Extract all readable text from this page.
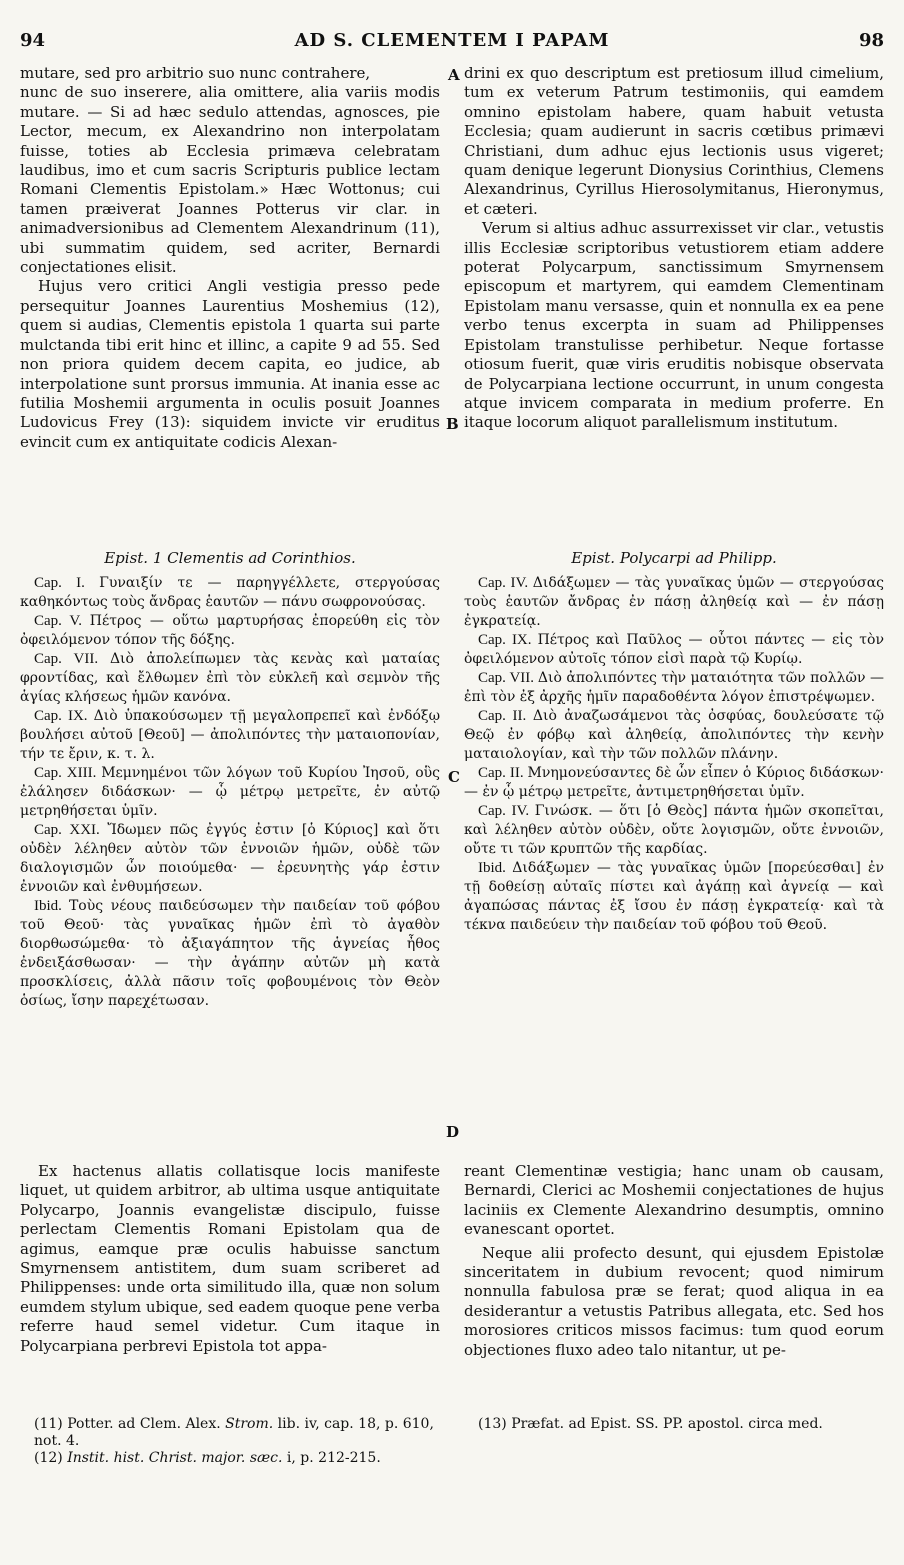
94	AD S. CLEMENTEM I PAPAM	98
A
B
C
D

mutare, sed pro arbitrio suo nunc contrahere,

nunc de suo inserere, alia omittere, alia variis modis mutare. — Si ad hæc sedulo attendas, agnosces, pie Lector, mecum, ex Alexandrino non interpolatam fuisse, toties ab Ecclesia primæva celebratam laudibus, imo et cum sacris Scripturis publice lectam Romani Clementis Epistolam.» Hæc Wottonus; cui tamen præiverat Joannes Potterus vir clar. in animadversionibus ad Clementem Alexandrinum (11), ubi summatim quidem, sed acriter, Bernardi conjectationes elisit.

Hujus vero critici Angli vestigia presso pede persequitur Joannes Laurentius Moshemius (12), quem si audias, Clementis epistola 1 quarta sui parte mulctanda tibi erit hinc et illinc, a capite 9 ad 55. Sed non priora quidem decem capita, eo judice, ab interpolatione sunt prorsus immunia. At inania esse ac futilia Moshemii argumenta in oculis posuit Joannes Ludovicus Frey (13): siquidem invicte vir eruditus evincit cum ex antiquitate codicis Alexan-

drini ex quo descriptum est pretiosum illud cimelium, tum ex veterum Patrum testimoniis, qui eamdem omnino epistolam habere, quam habuit vetusta Ecclesia; quam audierunt in sacris cœtibus primævi Christiani, dum adhuc ejus lectionis usus vigeret; quam denique legerunt Dionysius Corinthius, Clemens Alexandrinus, Cyrillus Hierosolymitanus, Hieronymus, et cæteri.

Verum si altius adhuc assurrexisset vir clar., vetustis illis Ecclesiæ scriptoribus vetustiorem etiam addere poterat Polycarpum, sanctissimum Smyrnensem episcopum et martyrem, qui eamdem Clementinam Epistolam manu versasse, quin et nonnulla ex ea pene verbo tenus excerpta in suam ad Philippenses Epistolam transtulisse perhibetur. Neque fortasse otiosum fuerit, quæ viris eruditis nobisque observata de Polycarpiana lectione occurrunt, in unum congesta atque invicem comparata in medium proferre. En itaque locorum aliquot parallelismum institutum.

Epist. 1 Clementis ad Corinthios.

Cap. I. Γυναιξίν τε — παρηγγέλλετε, στεργούσας καθηκόντως τοὺς ἄνδρας ἑαυτῶν — πάνυ σωφρονούσας.

Cap. V. Πέτρος — οὕτω μαρτυρήσας ἐπορεύθη εἰς τὸν ὀφειλόμενον τόπον τῆς δόξης.

Cap. VII. Διὸ ἀπολείπωμεν τὰς κενὰς καὶ ματαίας φροντίδας, καὶ ἔλθωμεν ἐπὶ τὸν εὐκλεῆ καὶ σεμνὸν τῆς ἁγίας κλήσεως ἡμῶν κανόνα.

Cap. IX. Διὸ ὑπακούσωμεν τῇ μεγαλοπρεπεῖ καὶ ἐνδόξῳ βουλήσει αὐτοῦ [Θεοῦ] — ἀπολιπόντες τὴν ματαιοπονίαν, τήν τε ἔριν, κ. τ. λ.

Cap. XIII. Μεμνημένοι τῶν λόγων τοῦ Κυρίου Ἰησοῦ, οὓς ἐλάλησεν διδάσκων· — ᾧ μέτρῳ μετρεῖτε, ἐν αὐτῷ μετρηθήσεται ὑμῖν.

Cap. XXI. Ἴδωμεν πῶς ἐγγύς ἐστιν [ὁ Κύριος] καὶ ὅτι οὐδὲν λέληθεν αὐτὸν τῶν ἐννοιῶν ἡμῶν, οὐδὲ τῶν διαλογισμῶν ὧν ποιούμεθα· — ἐρευνητὴς γάρ ἐστιν ἐννοιῶν καὶ ἐνθυμήσεων.

Ibid. Τοὺς νέους παιδεύσωμεν τὴν παιδείαν τοῦ φόβου τοῦ Θεοῦ· τὰς γυναῖκας ἡμῶν ἐπὶ τὸ ἀγαθὸν διορθωσώμεθα· τὸ ἀξιαγάπητον τῆς ἁγνείας ἦθος ἐνδειξάσθωσαν· — τὴν ἀγάπην αὐτῶν μὴ κατὰ προσκλίσεις, ἀλλὰ πᾶσιν τοῖς φοβουμένοις τὸν Θεὸν ὁσίως, ἴσην παρεχέτωσαν.

Epist. Polycarpi ad Philipp.

Cap. IV. Διδάξωμεν — τὰς γυναῖκας ὑμῶν — στεργούσας τοὺς ἑαυτῶν ἄνδρας ἐν πάσῃ ἀληθείᾳ καὶ — ἐν πάσῃ ἐγκρατείᾳ.

Cap. IX. Πέτρος καὶ Παῦλος — οὗτοι πάντες — εἰς τὸν ὀφειλόμενον αὐτοῖς τόπον εἰσὶ παρὰ τῷ Κυρίῳ.

Cap. VII. Διὸ ἀπολιπόντες τὴν ματαιότητα τῶν πολλῶν — ἐπὶ τὸν ἐξ ἀρχῆς ἡμῖν παραδοθέντα λόγον ἐπιστρέψωμεν.

Cap. II. Διὸ ἀναζωσάμενοι τὰς ὀσφύας, δουλεύσατε τῷ Θεῷ ἐν φόβῳ καὶ ἀληθείᾳ, ἀπολιπόντες τὴν κενὴν ματαιολογίαν, καὶ τὴν τῶν πολλῶν πλάνην.

Cap. II. Μνημονεύσαντες δὲ ὧν εἶπεν ὁ Κύριος διδάσκων· — ἐν ᾧ μέτρῳ μετρεῖτε, ἀντιμετρηθήσεται ὑμῖν.

Cap. IV. Γινώσκ. — ὅτι [ὁ Θεὸς] πάντα ἡμῶν σκοπεῖται, καὶ λέληθεν αὐτὸν οὐδὲν, οὔτε λογισμῶν, οὔτε ἐννοιῶν, οὔτε τι τῶν κρυπτῶν τῆς καρδίας.

Ibid. Διδάξωμεν — τὰς γυναῖκας ὑμῶν [πορεύεσθαι] ἐν τῇ δοθείσῃ αὐταῖς πίστει καὶ ἀγάπῃ καὶ ἁγνείᾳ — καὶ ἀγαπώσας πάντας ἐξ ἴσου ἐν πάσῃ ἐγκρατείᾳ· καὶ τὰ τέκνα παιδεύειν τὴν παιδείαν τοῦ φόβου τοῦ Θεοῦ.

Ex hactenus allatis collatisque locis manifeste liquet, ut quidem arbitror, ab ultima usque antiquitate Polycarpo, Joannis evangelistæ discipulo, fuisse perlectam Clementis Romani Epistolam qua de agimus, eamque præ oculis habuisse sanctum Smyrnensem antistitem, dum suam scriberet ad Philippenses: unde orta similitudo illa, quæ non solum eumdem stylum ubique, sed eadem quoque pene verba referre haud semel videtur. Cum itaque in Polycarpiana perbrevi Epistola tot appa-

reant Clementinæ vestigia; hanc unam ob causam, Bernardi, Clerici ac Moshemii conjectationes de hujus laciniis ex Clemente Alexandrino desumptis, omnino evanescant oportet.

Neque alii profecto desunt, qui ejusdem Epistolæ sinceritatem in dubium revocent; quod nimirum nonnulla fabulosa præ se ferat; quod aliqua in ea desiderantur a vetustis Patribus allegata, etc. Sed hos morosiores criticos missos facimus: tum quod eorum objectiones fluxo adeo talo nitantur, ut pe-

(11) Potter. ad Clem. Alex. Strom. lib. iv, cap. 18, p. 610, not. 4.

(12) Instit. hist. Christ. major. sæc. i, p. 212-215.

(13) Præfat. ad Epist. SS. PP. apostol. circa med.
